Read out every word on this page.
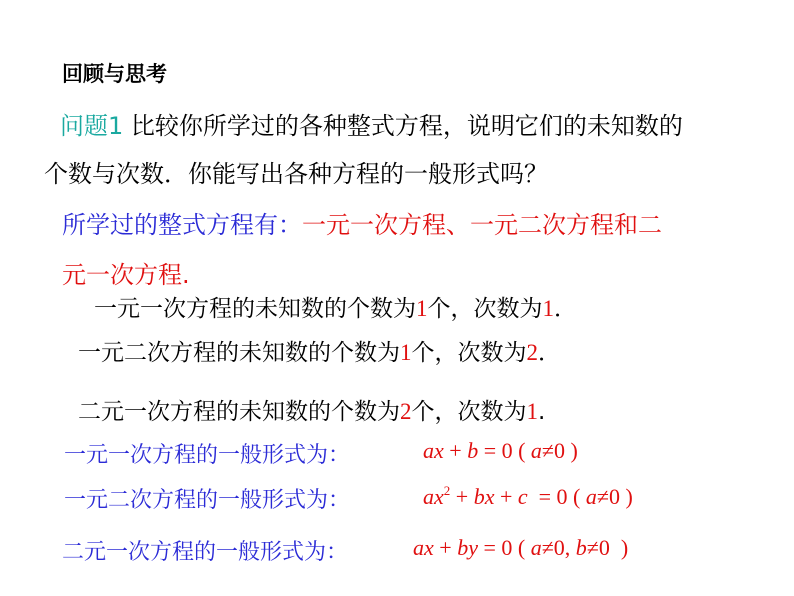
回顾与思考
问题1 比较你所学过的各种整式方程，说明它们的未知数的
个数与次数．你能写出各种方程的一般形式吗？
所学过的整式方程有：一元一次方程、一元二次方程和二
元一次方程.
一元一次方程的未知数的个数为1个，次数为1．
一元二次方程的未知数的个数为1个，次数为2．
二元一次方程的未知数的个数为2个，次数为1.
一元一次方程的一般形式为：	ax + b = 0 ( a≠0 )
一元二次方程的一般形式为：	$ax^2$ + bx + c  = 0 ( a≠0 )
二元一次方程的一般形式为：	ax + by = 0 ( a≠0, b≠0  )
